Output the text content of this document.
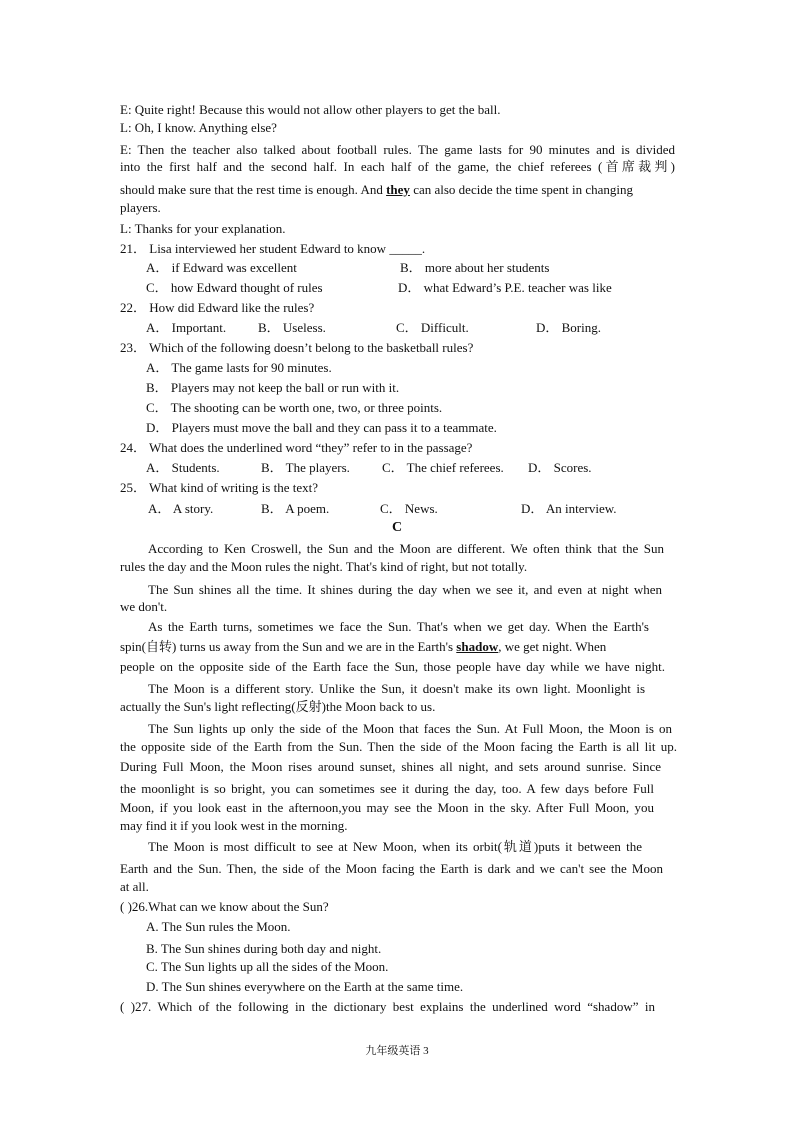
E: Quite right! Because this would not allow other players to get the ball.
L: Oh, I know. Anything else?
E: Then the teacher also talked about football rules. The game lasts for 90 minutes and is divided
into the first half and the second half. In each half of the game, the chief referees (首席裁判)
should make sure that the rest time is enough. And they can also decide the time spent in changing
players.
L: Thanks for your explanation.
21． Lisa interviewed her student Edward to know _____.
A． if Edward was excellent	B． more about her students
C． how Edward thought of rules	D． what Edward’s P.E. teacher was like
22． How did Edward like the rules?
A． Important. B． Useless.	C． Difficult.	D． Boring.
23． Which of the following doesn’t belong to the basketball rules?
A． The game lasts for 90 minutes.
B． Players may not keep the ball or run with it.
C． The shooting can be worth one, two, or three points.
D． Players must move the ball and they can pass it to a teammate.
24． What does the underlined word “they” refer to in the passage?
A． Students.	B． The players. C． The chief referees. D． Scores.
25． What kind of writing is the text?
A． A story.	B． A poem.	C． News.	D． An interview.
C
According to Ken Croswell, the Sun and the Moon are different. We often think that the Sun
rules the day and the Moon rules the night. That's kind of right, but not totally.
The Sun shines all the time. It shines during the day when we see it, and even at night when
we don't.
As the Earth turns, sometimes we face the Sun. That's when we get day. When the Earth's
spin(自转) turns us away from the Sun and we are in the Earth's shadow, we get night. When
people on the opposite side of the Earth face the Sun, those people have day while we have night.
The Moon is a different story. Unlike the Sun, it doesn't make its own light. Moonlight is
actually the Sun's light reflecting(反射)the Moon back to us.
The Sun lights up only the side of the Moon that faces the Sun. At Full Moon, the Moon is on
the opposite side of the Earth from the Sun. Then the side of the Moon facing the Earth is all lit up.
During Full Moon, the Moon rises around sunset, shines all night, and sets around sunrise. Since
the moonlight is so bright, you can sometimes see it during the day, too. A few days before Full
Moon, if you look east in the afternoon,you may see the Moon in the sky. After Full Moon, you
may find it if you look west in the morning.
The Moon is most difficult to see at New Moon, when its orbit(轨道)puts it between the
Earth and the Sun. Then, the side of the Moon facing the Earth is dark and we can't see the Moon
at all.
( )26.What can we know about the Sun?
A. The Sun rules the Moon.
B. The Sun shines during both day and night.
C. The Sun lights up all the sides of the Moon.
D. The Sun shines everywhere on the Earth at the same time.
( )27. Which of the following in the dictionary best explains the underlined word “shadow” in
九年级英语 3
